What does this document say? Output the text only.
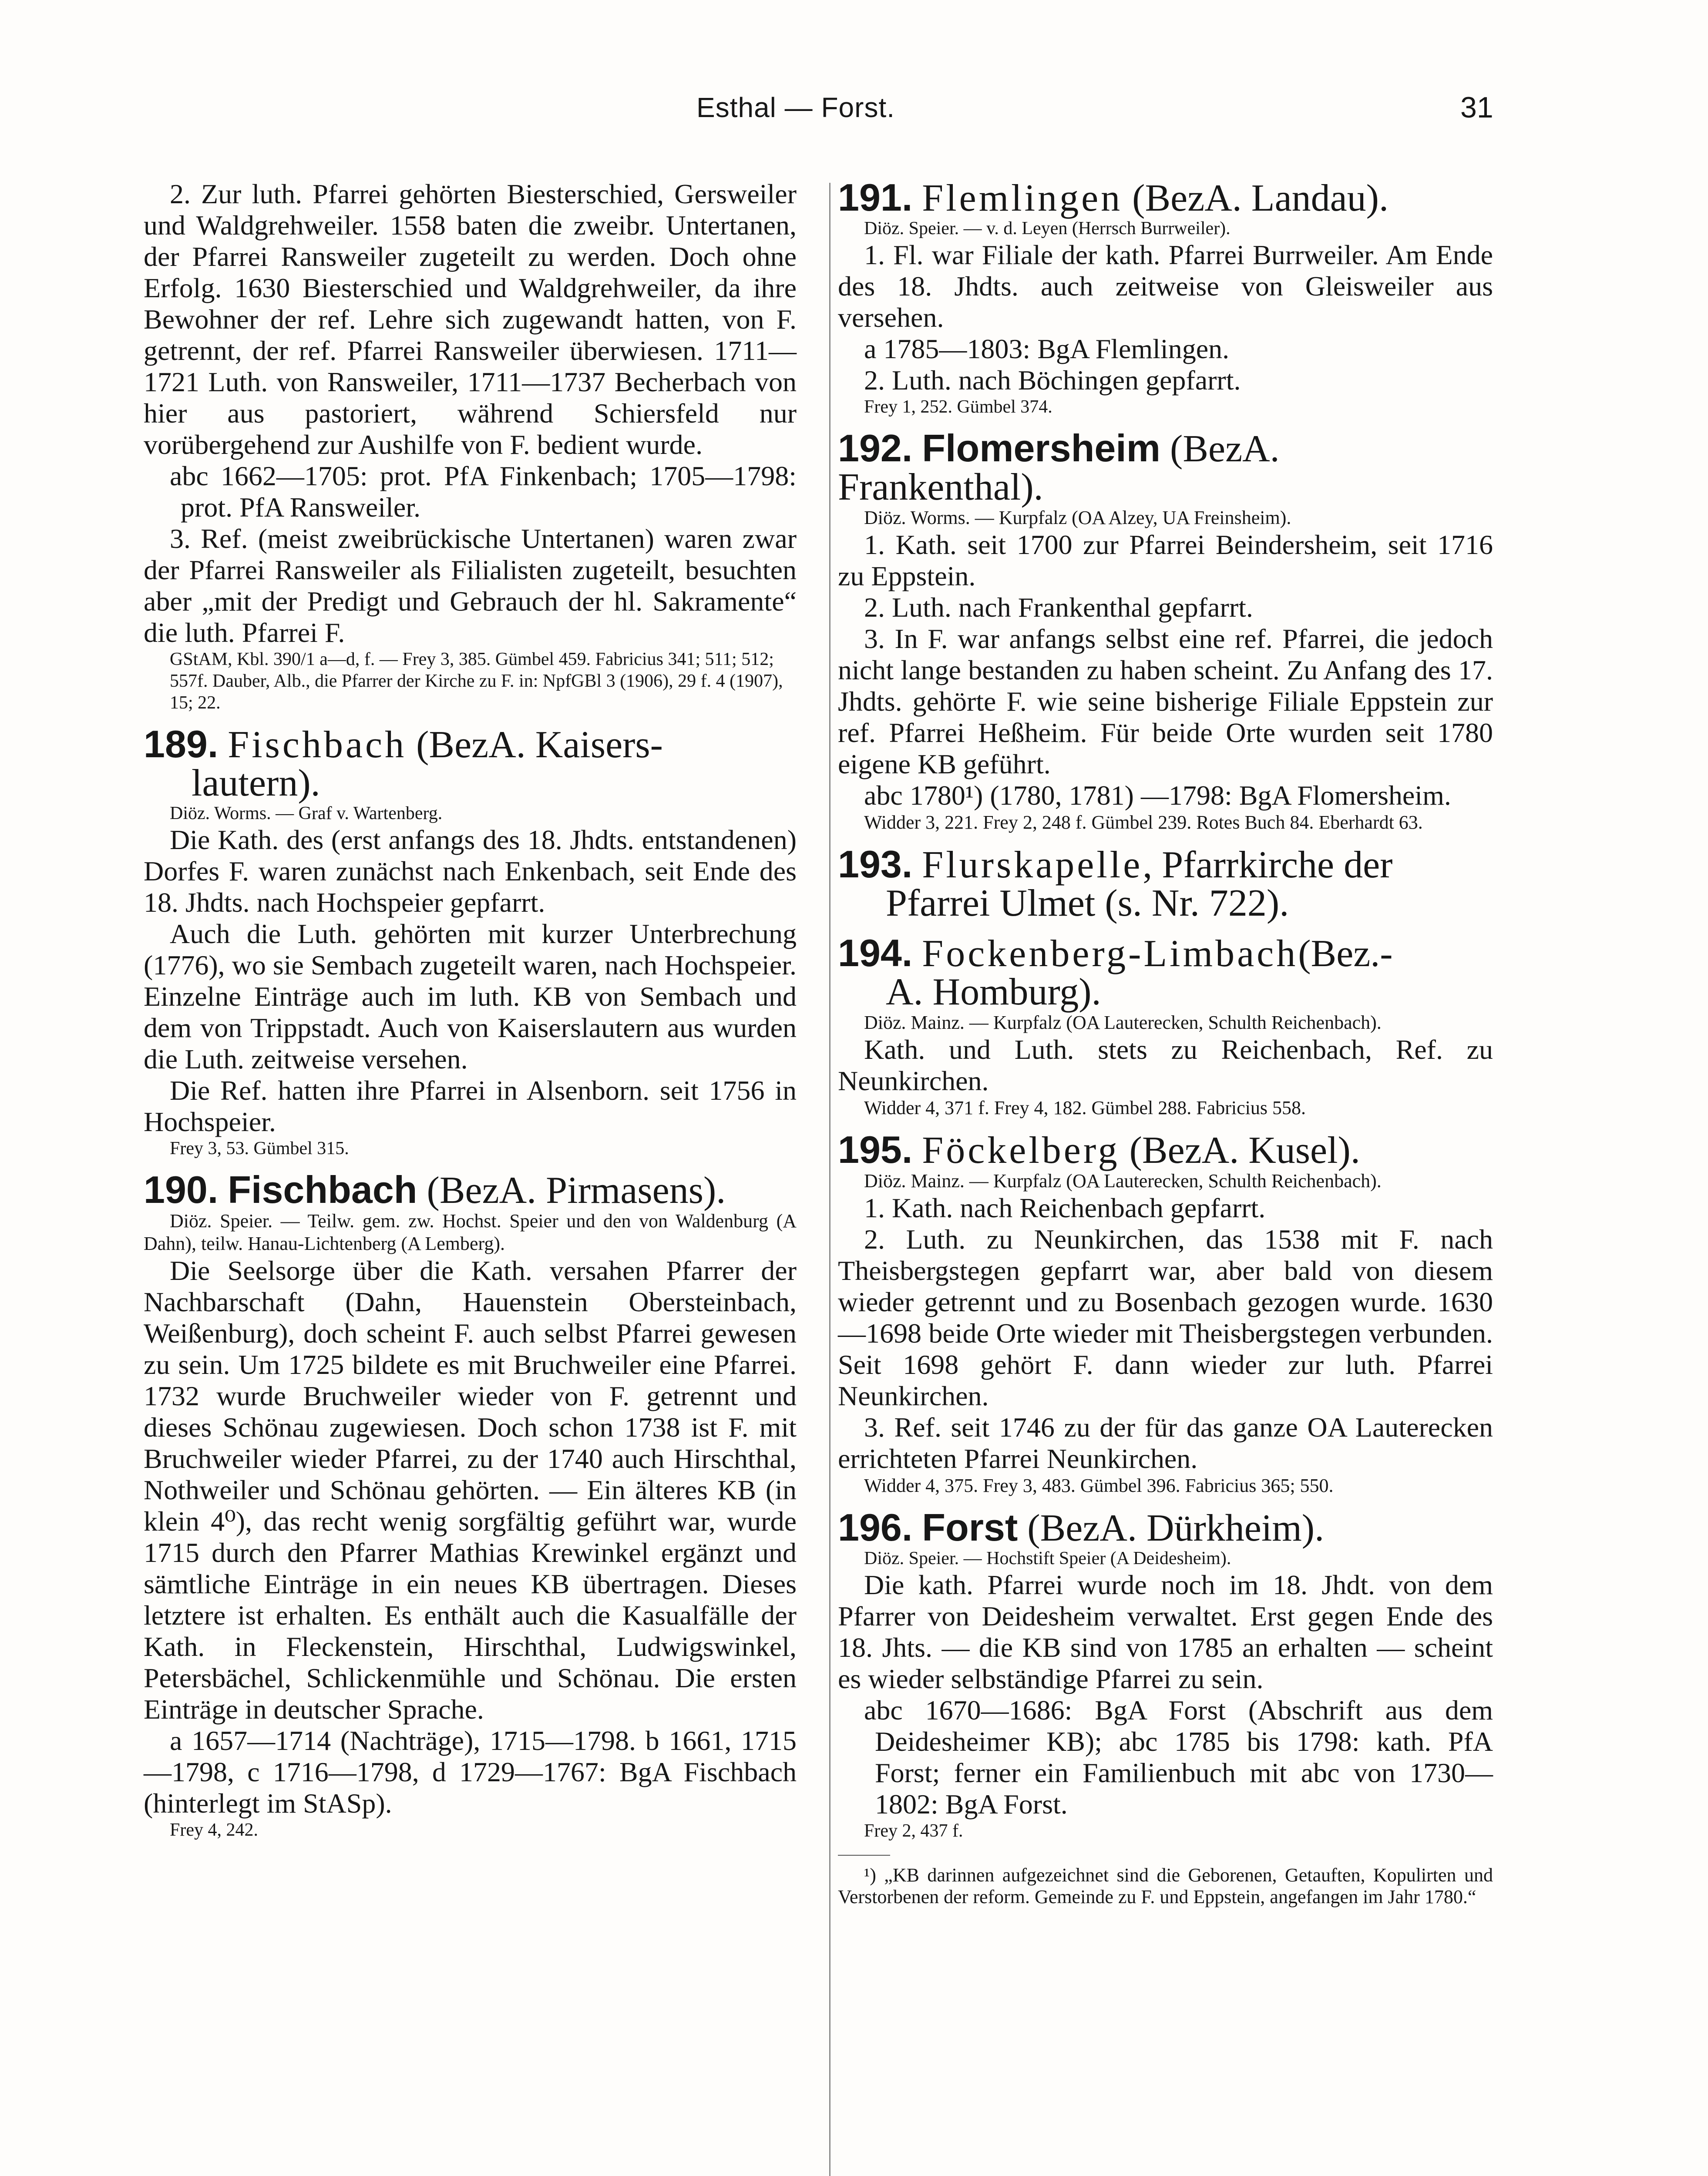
Esthal — Forst.	31

2. Zur luth. Pfarrei gehörten Biesterschied, Gersweiler und Waldgrehweiler. 1558 baten die zweibr. Untertanen, der Pfarrei Ransweiler zugeteilt zu werden. Doch ohne Erfolg. 1630 Biesterschied und Waldgrehweiler, da ihre Bewohner der ref. Lehre sich zugewandt hatten, von F. getrennt, der ref. Pfarrei Ransweiler überwiesen. 1711—1721 Luth. von Ransweiler, 1711—1737 Becherbach von hier aus pastoriert, während Schiersfeld nur vorübergehend zur Aushilfe von F. bedient wurde.

abc 1662—1705: prot. PfA Finkenbach; 1705—1798: prot. PfA Ransweiler.

3. Ref. (meist zweibrückische Untertanen) waren zwar der Pfarrei Ransweiler als Filialisten zugeteilt, besuchten aber „mit der Predigt und Gebrauch der hl. Sakramente“ die luth. Pfarrei F.

GStAM, Kbl. 390/1 a—d, f. — Frey 3, 385. Gümbel 459. Fabricius 341; 511; 512; 557f. Dauber, Alb., die Pfarrer der Kirche zu F. in: NpfGBl 3 (1906), 29 f. 4 (1907), 15; 22.

189. Fischbach (BezA. Kaisers-
lautern).

Diöz. Worms. — Graf v. Wartenberg.

Die Kath. des (erst anfangs des 18. Jhdts. entstandenen) Dorfes F. waren zunächst nach Enkenbach, seit Ende des 18. Jhdts. nach Hochspeier gepfarrt.

Auch die Luth. gehörten mit kurzer Unterbrechung (1776), wo sie Sembach zugeteilt waren, nach Hochspeier. Einzelne Einträge auch im luth. KB von Sembach und dem von Trippstadt. Auch von Kaiserslautern aus wurden die Luth. zeitweise versehen.

Die Ref. hatten ihre Pfarrei in Alsenborn. seit 1756 in Hochspeier.

Frey 3, 53. Gümbel 315.

190. Fischbach (BezA. Pirmasens).

Diöz. Speier. — Teilw. gem. zw. Hochst. Speier und den von Waldenburg (A Dahn), teilw. Hanau-Lichtenberg (A Lemberg).

Die Seelsorge über die Kath. versahen Pfarrer der Nachbarschaft (Dahn, Hauenstein Obersteinbach, Weißenburg), doch scheint F. auch selbst Pfarrei gewesen zu sein. Um 1725 bildete es mit Bruchweiler eine Pfarrei. 1732 wurde Bruchweiler wieder von F. getrennt und dieses Schönau zugewiesen. Doch schon 1738 ist F. mit Bruchweiler wieder Pfarrei, zu der 1740 auch Hirschthal, Nothweiler und Schönau gehörten. — Ein älteres KB (in klein 4⁰), das recht wenig sorgfältig geführt war, wurde 1715 durch den Pfarrer Mathias Krewinkel ergänzt und sämtliche Einträge in ein neues KB übertragen. Dieses letztere ist erhalten. Es enthält auch die Kasualfälle der Kath. in Fleckenstein, Hirschthal, Ludwigswinkel, Petersbächel, Schlickenmühle und Schönau. Die ersten Einträge in deutscher Sprache.

a 1657—1714 (Nachträge), 1715—1798. b 1661, 1715—1798, c 1716—1798, d 1729—1767: BgA Fischbach (hinterlegt im StASp).

Frey 4, 242.

191. Flemlingen (BezA. Landau).

Diöz. Speier. — v. d. Leyen (Herrsch Burrweiler).

1. Fl. war Filiale der kath. Pfarrei Burrweiler. Am Ende des 18. Jhdts. auch zeitweise von Gleisweiler aus versehen.

a 1785—1803: BgA Flemlingen.

2. Luth. nach Böchingen gepfarrt.

Frey 1, 252. Gümbel 374.

192. Flomersheim (BezA. Frankenthal).

Diöz. Worms. — Kurpfalz (OA Alzey, UA Freinsheim).

1. Kath. seit 1700 zur Pfarrei Beindersheim, seit 1716 zu Eppstein.

2. Luth. nach Frankenthal gepfarrt.

3. In F. war anfangs selbst eine ref. Pfarrei, die jedoch nicht lange bestanden zu haben scheint. Zu Anfang des 17. Jhdts. gehörte F. wie seine bisherige Filiale Eppstein zur ref. Pfarrei Heßheim. Für beide Orte wurden seit 1780 eigene KB geführt.

abc 1780¹) (1780, 1781) —1798: BgA Flomersheim.

Widder 3, 221. Frey 2, 248 f. Gümbel 239. Rotes Buch 84. Eberhardt 63.

193. Flurskapelle, Pfarrkirche der
Pfarrei Ulmet (s. Nr. 722).
194. Fockenberg-Limbach(Bez.-
A. Homburg).

Diöz. Mainz. — Kurpfalz (OA Lauterecken, Schulth Reichenbach).

Kath. und Luth. stets zu Reichenbach, Ref. zu Neunkirchen.

Widder 4, 371 f. Frey 4, 182. Gümbel 288. Fabricius 558.

195. Föckelberg (BezA. Kusel).

Diöz. Mainz. — Kurpfalz (OA Lauterecken, Schulth Reichenbach).

1. Kath. nach Reichenbach gepfarrt.

2. Luth. zu Neunkirchen, das 1538 mit F. nach Theisbergstegen gepfarrt war, aber bald von diesem wieder getrennt und zu Bosenbach gezogen wurde. 1630—1698 beide Orte wieder mit Theisbergstegen verbunden. Seit 1698 gehört F. dann wieder zur luth. Pfarrei Neunkirchen.

3. Ref. seit 1746 zu der für das ganze OA Lauterecken errichteten Pfarrei Neunkirchen.

Widder 4, 375. Frey 3, 483. Gümbel 396. Fabricius 365; 550.

196. Forst (BezA. Dürkheim).

Diöz. Speier. — Hochstift Speier (A Deidesheim).

Die kath. Pfarrei wurde noch im 18. Jhdt. von dem Pfarrer von Deidesheim verwaltet. Erst gegen Ende des 18. Jhts. — die KB sind von 1785 an erhalten — scheint es wieder selbständige Pfarrei zu sein.

abc 1670—1686: BgA Forst (Abschrift aus dem Deidesheimer KB); abc 1785 bis 1798: kath. PfA Forst; ferner ein Familienbuch mit abc von 1730—1802: BgA Forst.

Frey 2, 437 f.

¹) „KB darinnen aufgezeichnet sind die Geborenen, Getauften, Kopulirten und Verstorbenen der reform. Gemeinde zu F. und Eppstein, angefangen im Jahr 1780.“
